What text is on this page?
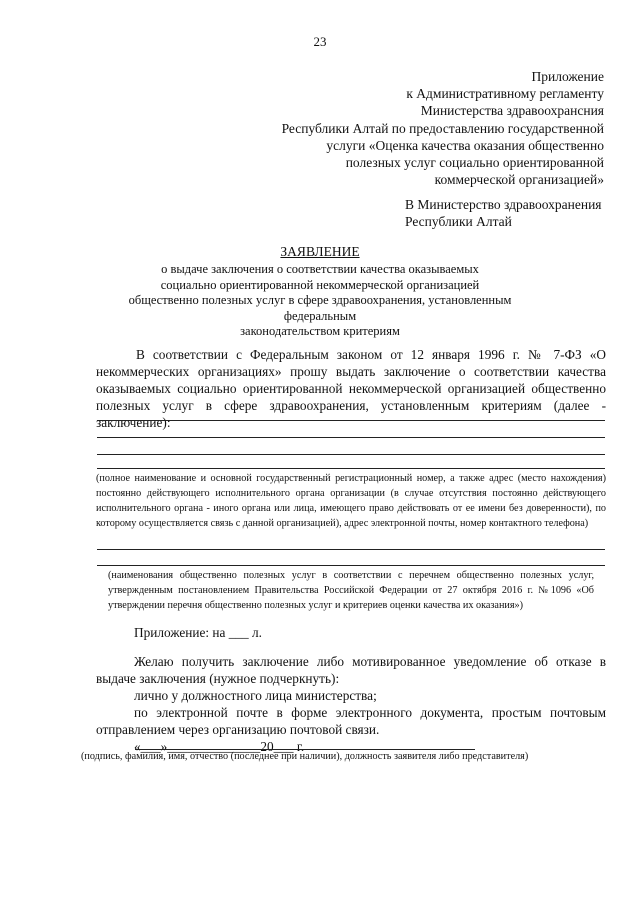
23
Приложение
к Административному регламенту
Министерства здравоохрансния
Республики Алтай по предоставлению государственной
услуги «Оценка качества оказания общественно
полезных услуг социально ориентированной
коммерческой организацией»
В Министерство здравоохранения
Республики Алтай
ЗАЯВЛЕНИЕ
о выдаче заключения о соответствии качества оказываемых
социально ориентированной некоммерческой организацией
общественно полезных услуг в сфере здравоохранения, установленным
федеральным
законодательством критериям
В соответствии с Федеральным законом от 12 января 1996 г. № 7-ФЗ «О некоммерческих организациях» прошу выдать заключение о соответствии качества оказываемых социально ориентированной некоммерческой организацией общественно полезных услуг в сфере здравоохранения, установленным критериям (далее - заключение):
(полное наименование и основной государственный регистрационный номер, а также адрес (место нахождения) постоянно действующего исполнительного органа организации (в случае отсутствия постоянно действующего исполнительного органа - иного органа или лица, имеющего право действовать от ее имени без доверенности), по которому осуществляется связь с данной организацией), адрес электронной почты, номер контактного телефона)
(наименования общественно полезных услуг в соответствии с перечнем общественно полезных услуг, утвержденным постановлением Правительства Российской Федерации от 27 октября 2016 г. №1096 «Об утверждении перечня общественно полезных услуг и критериев оценки качества их оказания»)
Приложение: на ___ л.

Желаю получить заключение либо мотивированное уведомление об отказе в выдаче заключения (нужное подчеркнуть):

лично у должностного лица министерства;

по электронной почте в форме электронного документа, простым почтовым отправлением через организацию почтовой связи.

«___»______________20___ г.

(подпись, фамилия, имя, отчество (последнее при наличии), должность заявителя либо представителя)
